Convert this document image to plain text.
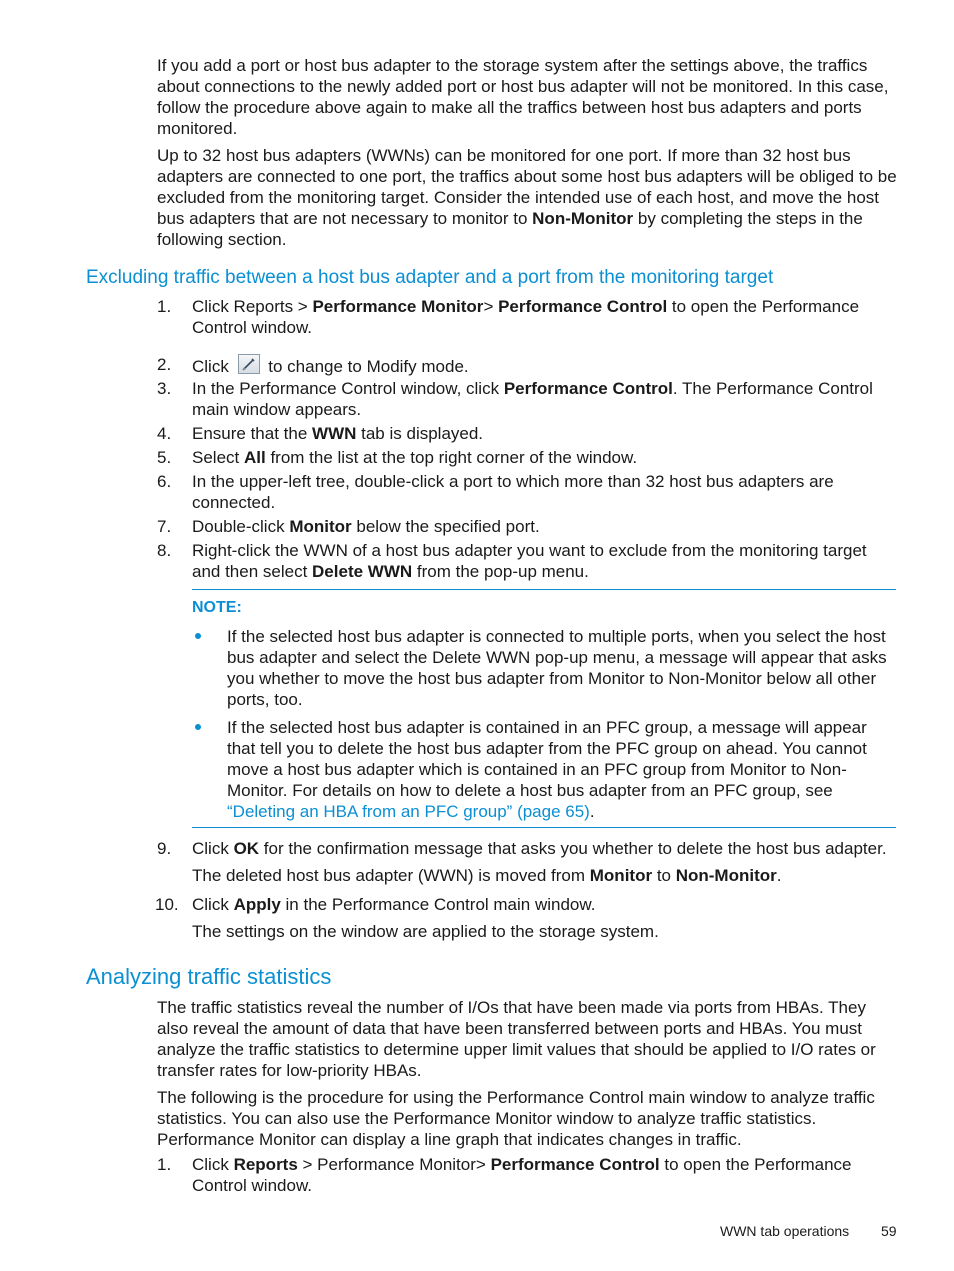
If you add a port or host bus adapter to the storage system after the settings above, the traffics about connections to the newly added port or host bus adapter will not be monitored. In this case, follow the procedure above again to make all the traffics between host bus adapters and ports monitored.
Up to 32 host bus adapters (WWNs) can be monitored for one port. If more than 32 host bus adapters are connected to one port, the traffics about some host bus adapters will be obliged to be excluded from the monitoring target. Consider the intended use of each host, and move the host bus adapters that are not necessary to monitor to Non-Monitor by completing the steps in the following section.
Excluding traffic between a host bus adapter and a port from the monitoring target
1.	Click Reports > Performance Monitor> Performance Control to open the Performance Control window.
2.	Click
to change to Modify mode.
3.	In the Performance Control window, click Performance Control. The Performance Control main window appears.
4.	Ensure that the WWN tab is displayed.
5.	Select All from the list at the top right corner of the window.
6.	In the upper-left tree, double-click a port to which more than 32 host bus adapters are connected.
7.	Double-click Monitor below the specified port.
8.	Right-click the WWN of a host bus adapter you want to exclude from the monitoring target and then select Delete WWN from the pop-up menu.
NOTE:
If the selected host bus adapter is connected to multiple ports, when you select the host bus adapter and select the Delete WWN pop-up menu, a message will appear that asks you whether to move the host bus adapter from Monitor to Non-Monitor below all other ports, too.
If the selected host bus adapter is contained in an PFC group, a message will appear that tell you to delete the host bus adapter from the PFC group on ahead. You cannot move a host bus adapter which is contained in an PFC group from Monitor to Non-Monitor. For details on how to delete a host bus adapter from an PFC group, see “Deleting an HBA from an PFC group” (page 65).
9.	Click OK for the confirmation message that asks you whether to delete the host bus adapter.
The deleted host bus adapter (WWN) is moved from Monitor to Non-Monitor.
10. Click Apply in the Performance Control main window.
The settings on the window are applied to the storage system.
Analyzing traffic statistics
The traffic statistics reveal the number of I/Os that have been made via ports from HBAs. They also reveal the amount of data that have been transferred between ports and HBAs. You must analyze the traffic statistics to determine upper limit values that should be applied to I/O rates or transfer rates for low-priority HBAs.
The following is the procedure for using the Performance Control main window to analyze traffic statistics. You can also use the Performance Monitor window to analyze traffic statistics. Performance Monitor can display a line graph that indicates changes in traffic.
1.	Click Reports > Performance Monitor> Performance Control to open the Performance Control window.
WWN tab operations 59
